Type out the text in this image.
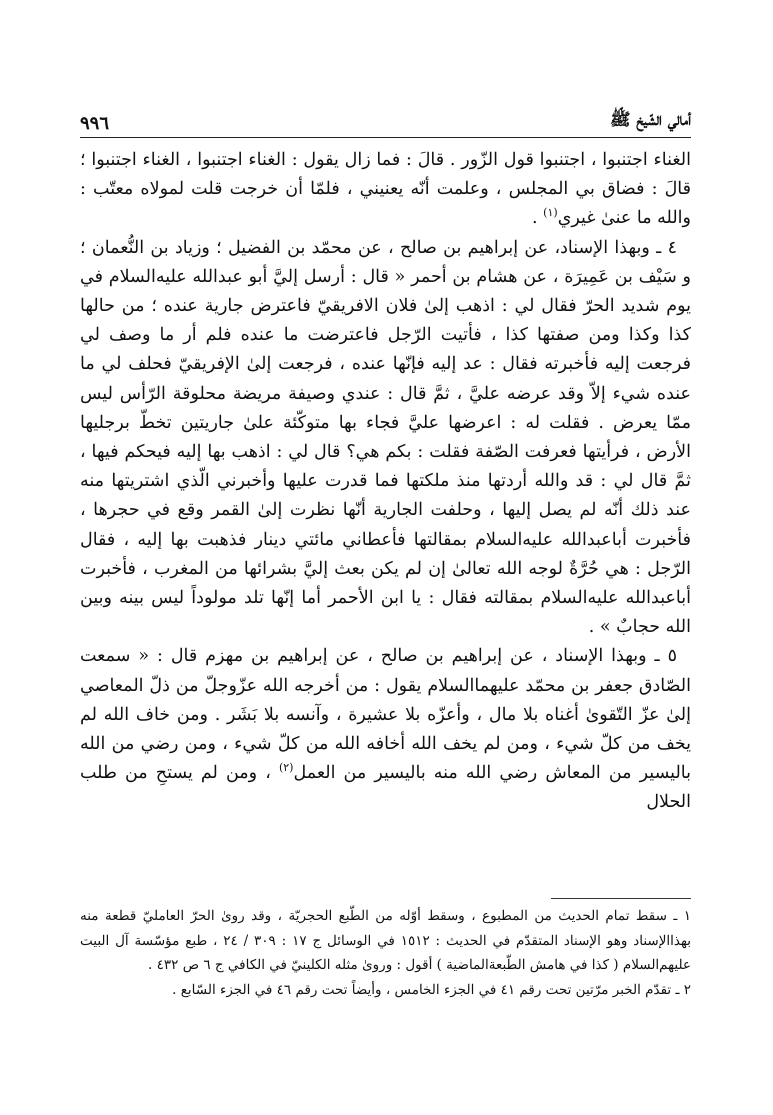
أمالي الشّيخ ﷺ
٩٩٦

الغناء اجتنبوا ، اجتنبوا قول الزّور . قالَ : فما زال يقول : الغناء اجتنبوا ، الغناء اجتنبوا ؛ قالَ : فضاق بي المجلس ، وعلمت أنّه يعنيني ، فلمّا أن خرجت قلت لمولاه معتّب : والله ما عنىٰ غيري$^{(١)}$ .

٤ ـ وبهذا الإسناد، عن إبراهيم بن صالح ، عن محمّد بن الفضيل ؛ وزياد بن النُّعمان ؛ و سَيْف بن عَمِيرَة ، عن هشام بن أحمر « قال : أرسل إليَّ أبو عبدالله عليه‌السلام في يوم شديد الحرّ فقال لي : اذهب إلىٰ فلان الافريقيّ فاعترض جارية عنده ؛ من حالها كذا وكذا ومن صفتها كذا ، فأتيت الرّجل فاعترضت ما عنده فلم أر ما وصف لي فرجعت إليه فأخبرته فقال : عد إليه فإنّها عنده ، فرجعت إلىٰ الإفريقيّ فحلف لي ما عنده شيء إلاّ وقد عرضه عليَّ ، ثمَّ قال : عندي وصيفة مريضة محلوقة الرّأس ليس ممّا يعرض . فقلت له : اعرضها عليَّ فجاء بها متوكّئة علىٰ جاريتين تخطّ برجليها الأرض ، فرأيتها فعرفت الصّفة فقلت : بكم هي؟ قال لي : اذهب بها إليه فيحكم فيها ، ثمَّ قال لي : قد والله أردتها منذ ملكتها فما قدرت عليها وأخبرني الّذي اشتريتها منه عند ذلك أنّه لم يصل إليها ، وحلفت الجارية أنّها نظرت إلىٰ القمر وقع في حجرها ، فأخبرت أباعبدالله عليه‌السلام بمقالتها فأعطاني مائتي دينار فذهبت بها إليه ، فقال الرّجل : هي حُرَّةٌ لوجه الله تعالىٰ إن لم يكن بعث إليَّ بشرائها من المغرب ، فأخبرت أباعبدالله عليه‌السلام بمقالته فقال : يا ابن الأحمر أما إنّها تلد مولوداً ليس بينه وبين الله حجابٌ » .

٥ ـ وبهذا الإسناد ، عن إبراهيم بن صالح ، عن إبراهيم بن مهزم قال : « سمعت الصّادق جعفر بن محمّد عليهما‌السلام يقول : من أخرجه الله عزّوجلّ من ذلّ المعاصي إلىٰ عزّ التّقوىٰ أغناه بلا مال ، وأعزّه بلا عشيرة ، وآنسه بلا بَشَر . ومن خاف الله لم يخف من كلّ شيء ، ومن لم يخف الله أخافه الله من كلّ شيء ، ومن رضي من الله باليسير من المعاش رضي الله منه باليسير من العمل$^{(٢)}$ ، ومن لم يستحِ من طلب الحلال

١ ـ سقط تمام الحديث من المطبوع ، وسقط أوّله من الطّبع الحجريّة ، وقد روىٰ الحرّ العامليّ قطعة منه بهذاالإسناد وهو الإسناد المتقدّم في الحديث : ١٥١٢ في الوسائل ج ١٧ : ٣٠٩ / ٢٤ ، طبع مؤسّسة آل البيت عليهم‌السلام ( كذا في هامش الطّبعةالماضية ) أقول : وروىٰ مثله الكلينيّ في الكافي ج ٦ ص ٤٣٢ .

٢ ـ تقدّم الخبر مرّتين تحت رقم ٤١ في الجزء الخامس ، وأيضاً تحت رقم ٤٦ في الجزء السّابع .
